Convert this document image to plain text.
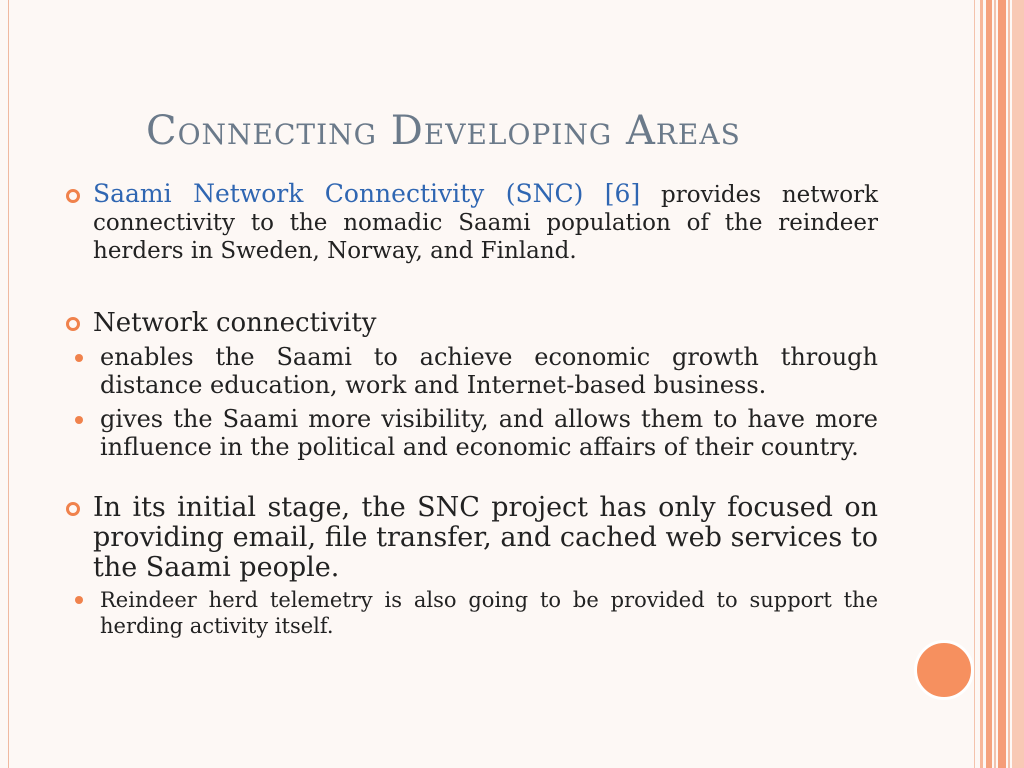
Connecting Developing Areas
Saami Network Connectivity (SNC) [6] provides network connectivity to the nomadic Saami population of the reindeer herders in Sweden, Norway, and Finland.
Network connectivity
enables the Saami to achieve economic growth through distance education, work and Internet-based business.
gives the Saami more visibility, and allows them to have more influence in the political and economic affairs of their country.
In its initial stage, the SNC project has only focused on providing email, file transfer, and cached web services to the Saami people.
Reindeer herd telemetry is also going to be provided to support the herding activity itself.
